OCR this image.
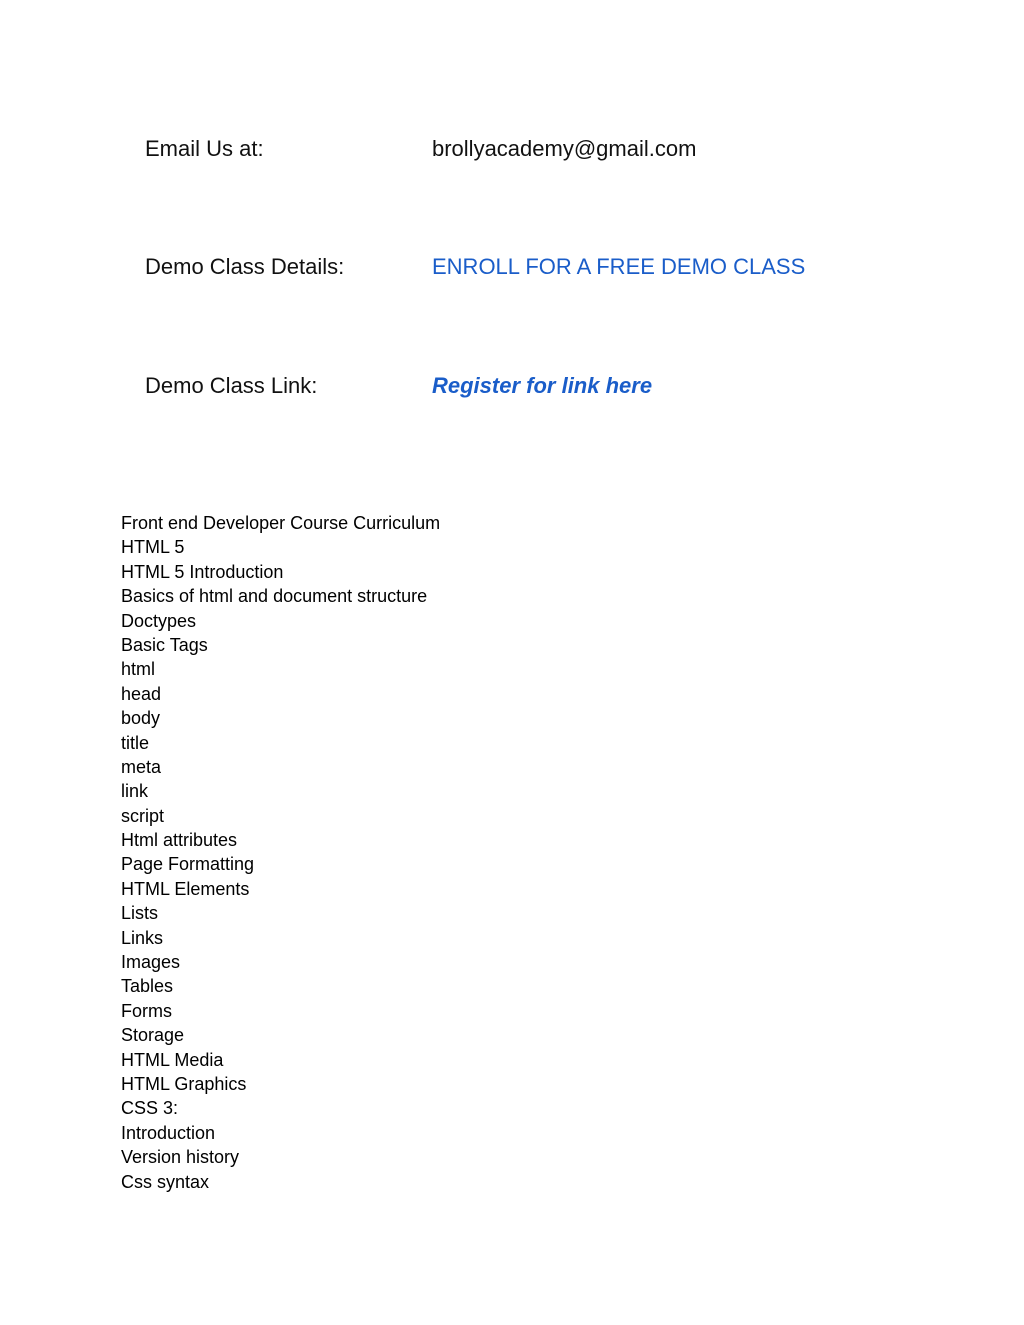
Email Us at:	brollyacademy@gmail.com
Demo Class Details:	ENROLL FOR A FREE DEMO CLASS
Demo Class Link:	Register for link here
Front end Developer Course Curriculum
HTML 5
HTML 5 Introduction
Basics of html and document structure
Doctypes
Basic Tags
html
head
body
title
meta
link
script
Html attributes
Page Formatting
HTML Elements
Lists
Links
Images
Tables
Forms
Storage
HTML Media
HTML Graphics
CSS 3:
Introduction
Version history
Css syntax
